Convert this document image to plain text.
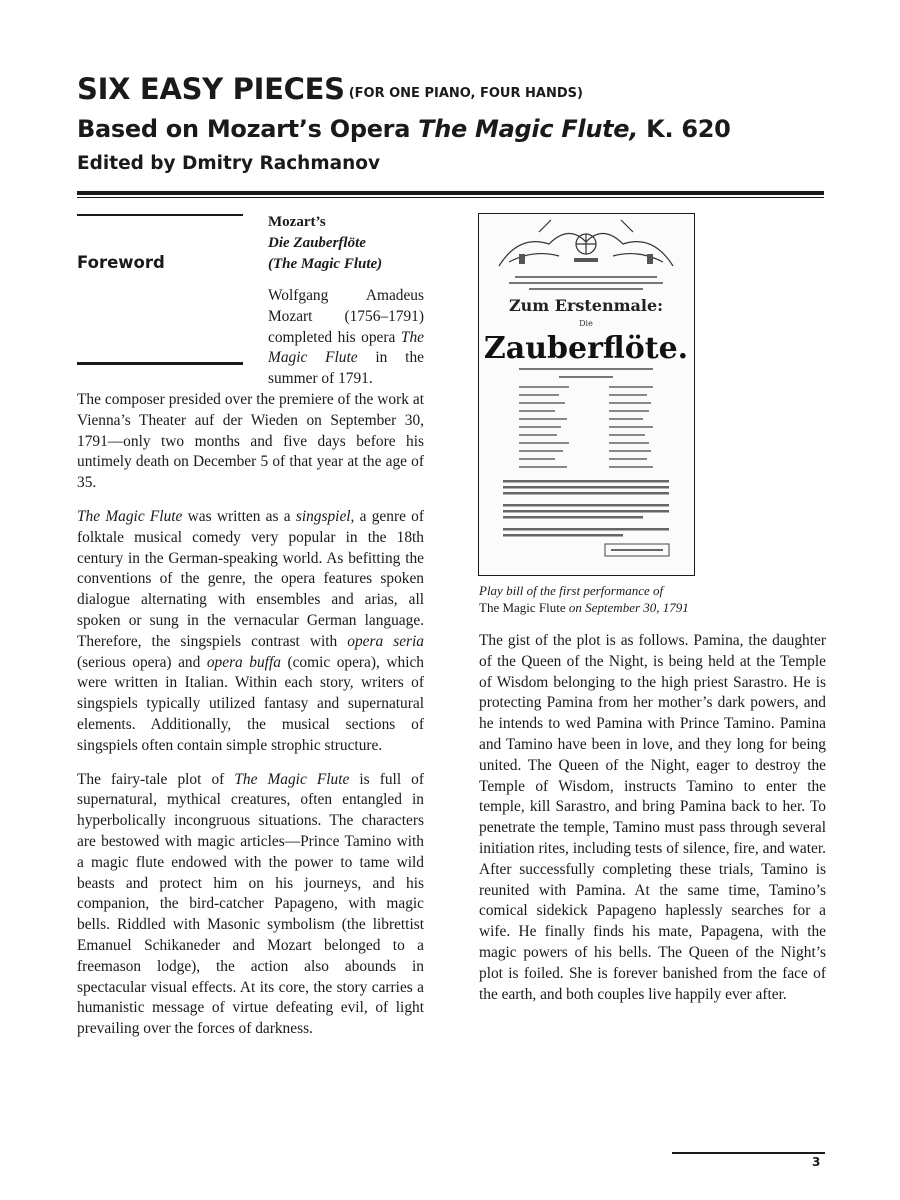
SIX EASY PIECES (FOR ONE PIANO, FOUR HANDS)
Based on Mozart’s Opera The Magic Flute, K. 620
Edited by Dmitry Rachmanov
Foreword
Mozart’s
Die Zauberflöte
(The Magic Flute)

Wolfgang Amadeus Mozart (1756–1791) completed his opera The Magic Flute in the summer of 1791.

The composer presided over the premiere of the work at Vienna’s Theater auf der Wieden on September 30, 1791—only two months and five days before his untimely death on December 5 of that year at the age of 35.

The Magic Flute was written as a singspiel, a genre of folktale musical comedy very popular in the 18th century in the German-speaking world. As befitting the conventions of the genre, the opera features spoken dialogue alternating with ensembles and arias, all spoken or sung in the vernacular German language. Therefore, the singspiels contrast with opera seria (serious opera) and opera buffa (comic opera), which were written in Italian. Within each story, writers of singspiels typically utilized fantasy and supernatural elements. Additionally, the musical sections of singspiels often contain simple strophic structure.

The fairy-tale plot of The Magic Flute is full of supernatural, mythical creatures, often entangled in hyperbolically incongruous situations. The characters are bestowed with magic articles—Prince Tamino with a magic flute endowed with the power to tame wild beasts and protect him on his journeys, and his companion, the bird-catcher Papageno, with magic bells. Riddled with Masonic symbolism (the librettist Emanuel Schikaneder and Mozart belonged to a freemason lodge), the action also abounds in spectacular visual effects. At its core, the story carries a humanistic message of virtue defeating evil, of light prevailing over the forces of darkness.

Zum Erstenmale:
Die
Zauberflöte.
Play bill of the first performance of
The Magic Flute on September 30, 1791

The gist of the plot is as follows. Pamina, the daughter of the Queen of the Night, is being held at the Temple of Wisdom belonging to the high priest Sarastro. He is protecting Pamina from her mother’s dark powers, and he intends to wed Pamina with Prince Tamino. Pamina and Tamino have been in love, and they long for being united. The Queen of the Night, eager to destroy the Temple of Wisdom, instructs Tamino to enter the temple, kill Sarastro, and bring Pamina back to her. To penetrate the temple, Tamino must pass through several initiation rites, including tests of silence, fire, and water. After successfully completing these trials, Tamino is reunited with Pamina. At the same time, Tamino’s comical sidekick Papageno haplessly searches for a wife. He finally finds his mate, Papagena, with the magic powers of his bells. The Queen of the Night’s plot is foiled. She is forever banished from the face of the earth, and both couples live happily ever after.

3
